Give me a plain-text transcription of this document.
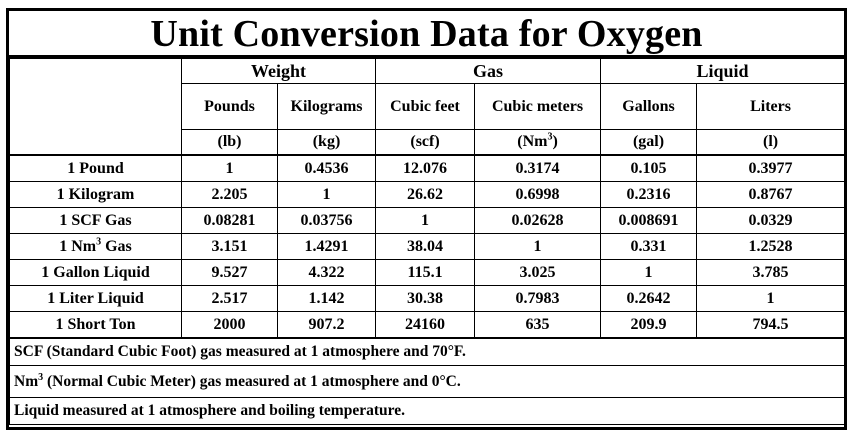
Unit Conversion Data for Oxygen
	Weight		Gas		Liquid	
	Pounds	Kilograms	Cubic feet	Cubic meters	Gallons	Liters
	(lb)	(kg)	(scf)	(Nm$^3$)	(gal)	(l)
1 Pound	1	0.4536	12.076	0.3174	0.105	0.3977
1 Kilogram	2.205	1	26.62	0.6998	0.2316	0.8767
1 SCF Gas	0.08281	0.03756	1	0.02628	0.008691	0.0329
1 Nm$^3$ Gas	3.151	1.4291	38.04	1	0.331	1.2528
1 Gallon Liquid	9.527	4.322	115.1	3.025	1	3.785
1 Liter Liquid	2.517	1.142	30.38	0.7983	0.2642	1
1 Short Ton	2000	907.2	24160	635	209.9	794.5
SCF (Standard Cubic Foot) gas measured at 1 atmosphere and 70°F.						
Nm$^3$ (Normal Cubic Meter) gas measured at 1 atmosphere and 0°C.						
Liquid measured at 1 atmosphere and boiling temperature.						
